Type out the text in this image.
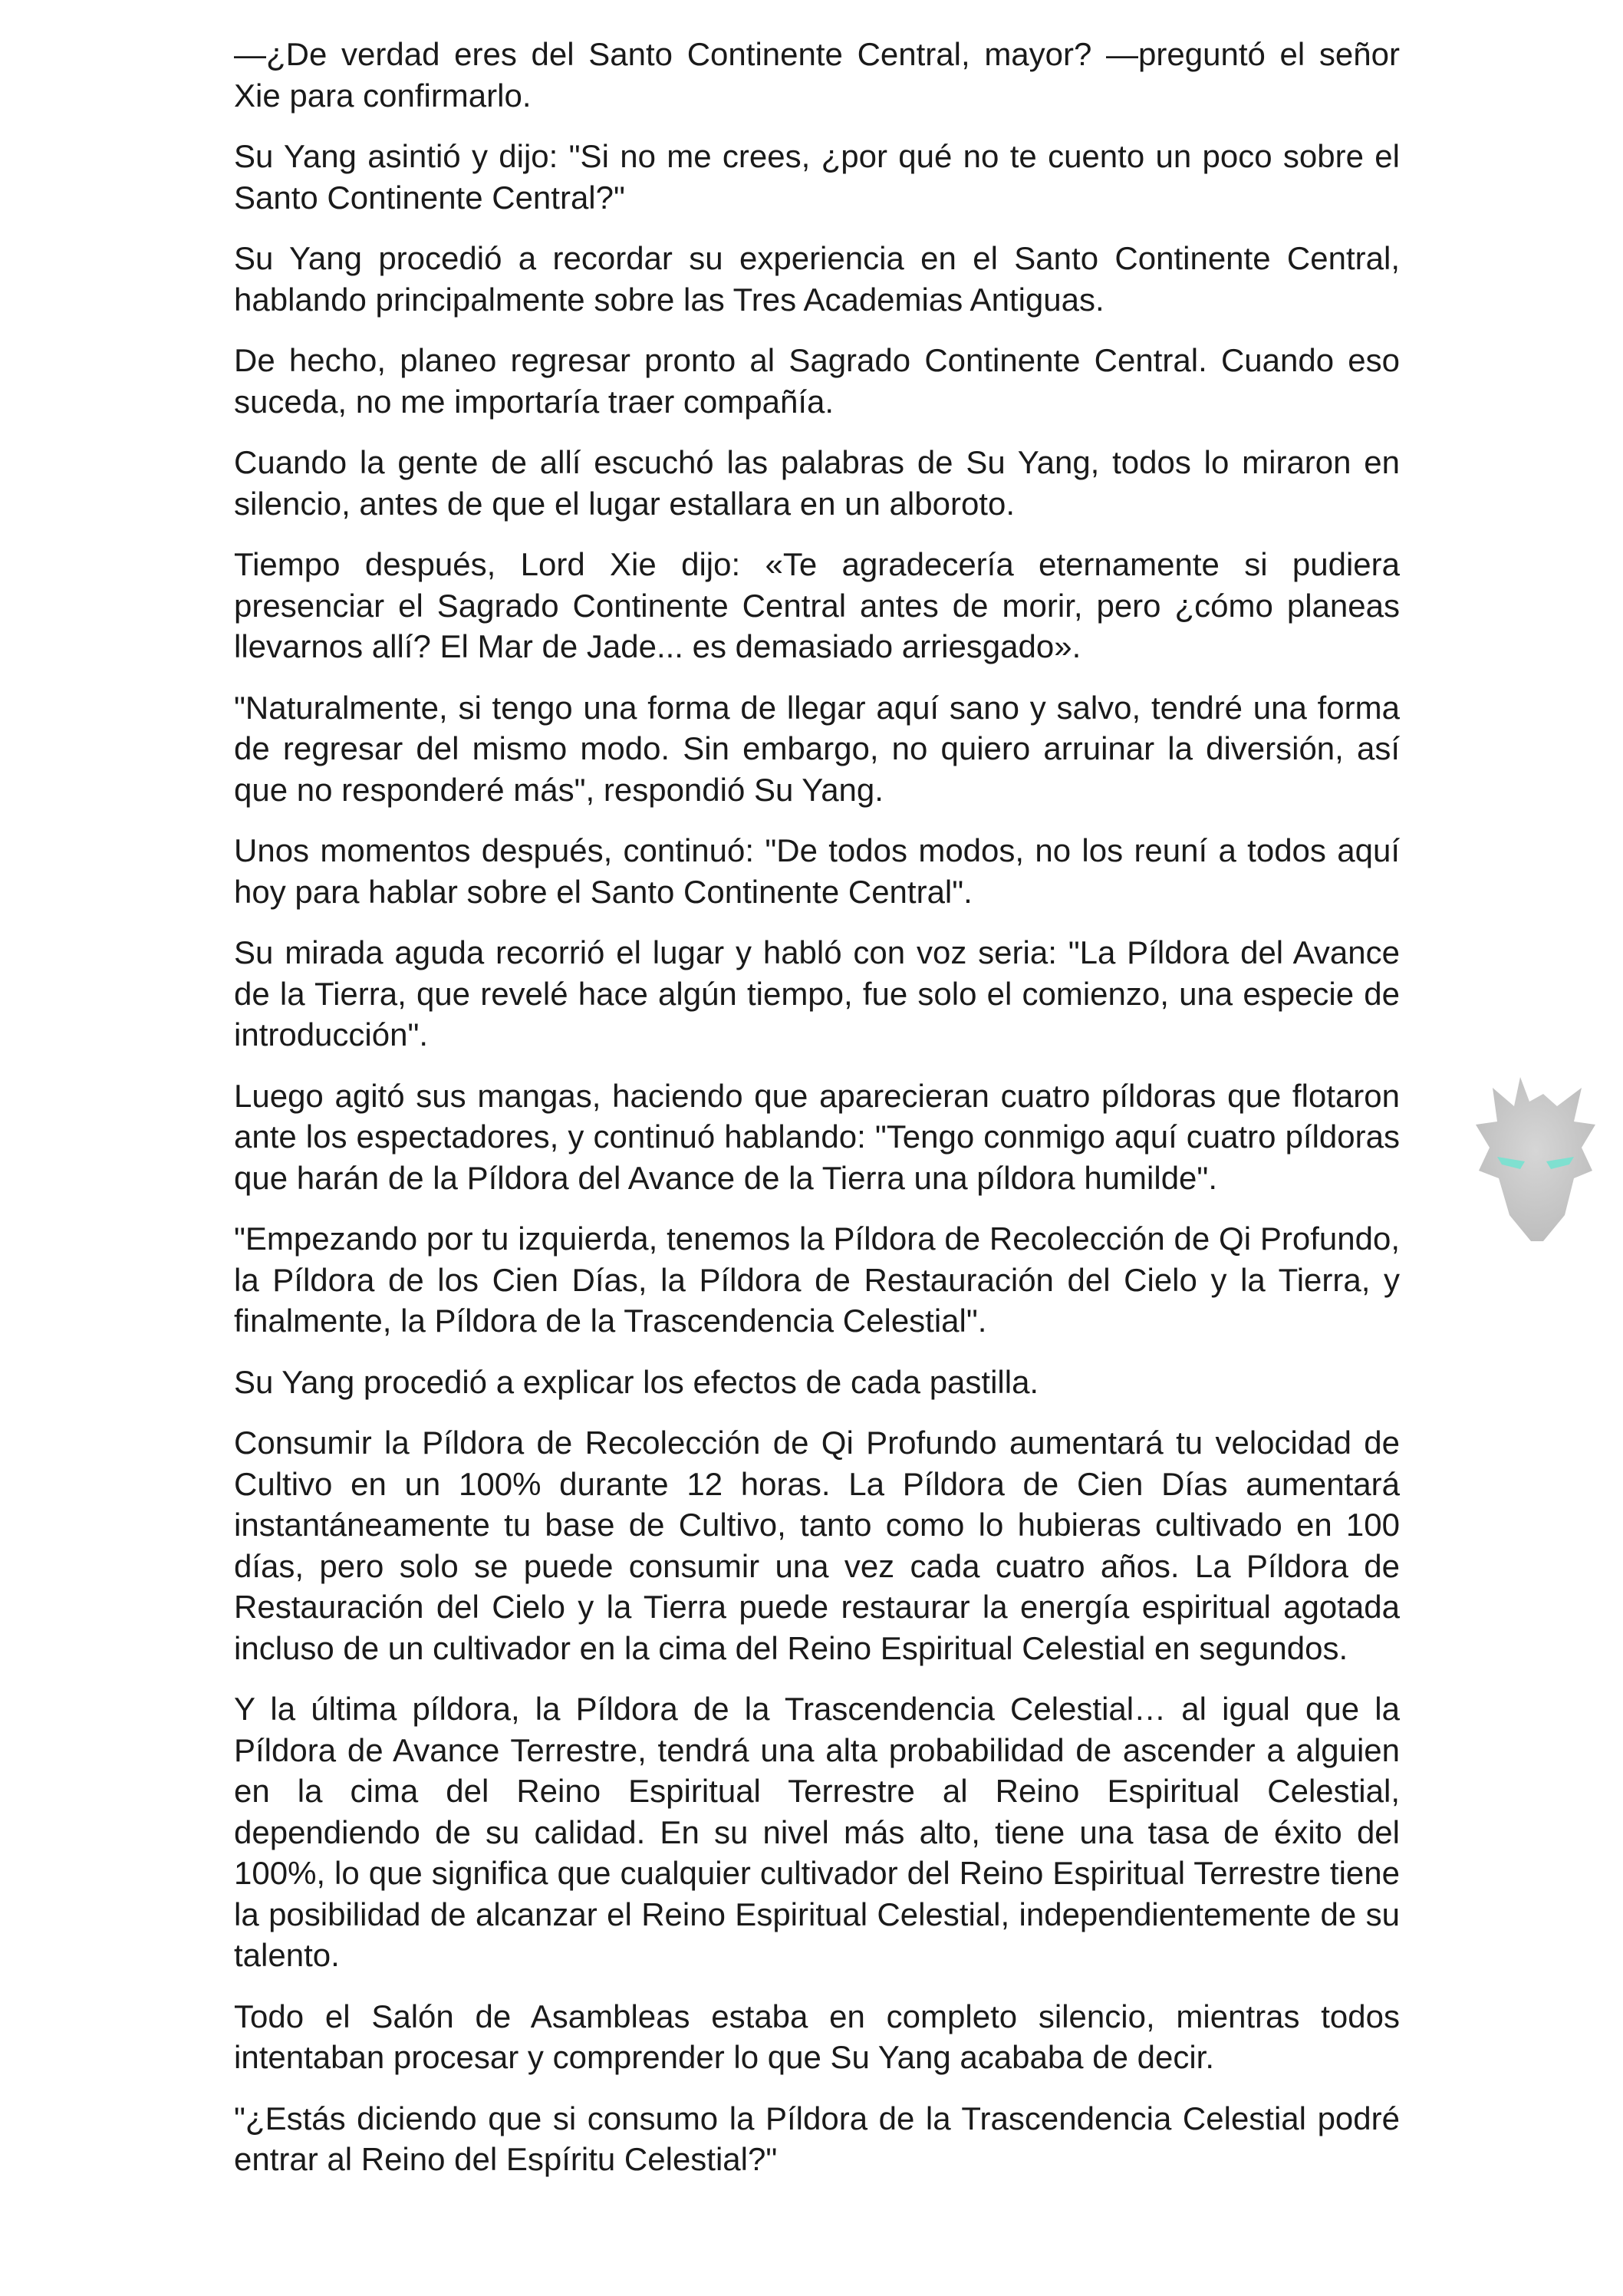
—¿De verdad eres del Santo Continente Central, mayor? —preguntó el señor Xie para confirmarlo.

Su Yang asintió y dijo: "Si no me crees, ¿por qué no te cuento un poco sobre el Santo Continente Central?"

Su Yang procedió a recordar su experiencia en el Santo Continente Central, hablando principalmente sobre las Tres Academias Antiguas.

De hecho, planeo regresar pronto al Sagrado Continente Central. Cuando eso suceda, no me importaría traer compañía.

Cuando la gente de allí escuchó las palabras de Su Yang, todos lo miraron en silencio, antes de que el lugar estallara en un alboroto.

Tiempo después, Lord Xie dijo: «Te agradecería eternamente si pudiera presenciar el Sagrado Continente Central antes de morir, pero ¿cómo planeas llevarnos allí? El Mar de Jade... es demasiado arriesgado».

"Naturalmente, si tengo una forma de llegar aquí sano y salvo, tendré una forma de regresar del mismo modo. Sin embargo, no quiero arruinar la diversión, así que no responderé más", respondió Su Yang.

Unos momentos después, continuó: "De todos modos, no los reuní a todos aquí hoy para hablar sobre el Santo Continente Central".

Su mirada aguda recorrió el lugar y habló con voz seria: "La Píldora del Avance de la Tierra, que revelé hace algún tiempo, fue solo el comienzo, una especie de introducción".

Luego agitó sus mangas, haciendo que aparecieran cuatro píldoras que flotaron ante los espectadores, y continuó hablando: "Tengo conmigo aquí cuatro píldoras que harán de la Píldora del Avance de la Tierra una píldora humilde".

"Empezando por tu izquierda, tenemos la Píldora de Recolección de Qi Profundo, la Píldora de los Cien Días, la Píldora de Restauración del Cielo y la Tierra, y finalmente, la Píldora de la Trascendencia Celestial".

Su Yang procedió a explicar los efectos de cada pastilla.

Consumir la Píldora de Recolección de Qi Profundo aumentará tu velocidad de Cultivo en un 100% durante 12 horas. La Píldora de Cien Días aumentará instantáneamente tu base de Cultivo, tanto como lo hubieras cultivado en 100 días, pero solo se puede consumir una vez cada cuatro años. La Píldora de Restauración del Cielo y la Tierra puede restaurar la energía espiritual agotada incluso de un cultivador en la cima del Reino Espiritual Celestial en segundos.

Y la última píldora, la Píldora de la Trascendencia Celestial… al igual que la Píldora de Avance Terrestre, tendrá una alta probabilidad de ascender a alguien en la cima del Reino Espiritual Terrestre al Reino Espiritual Celestial, dependiendo de su calidad. En su nivel más alto, tiene una tasa de éxito del 100%, lo que significa que cualquier cultivador del Reino Espiritual Terrestre tiene la posibilidad de alcanzar el Reino Espiritual Celestial, independientemente de su talento.

Todo el Salón de Asambleas estaba en completo silencio, mientras todos intentaban procesar y comprender lo que Su Yang acababa de decir.

"¿Estás diciendo que si consumo la Píldora de la Trascendencia Celestial podré entrar al Reino del Espíritu Celestial?"
